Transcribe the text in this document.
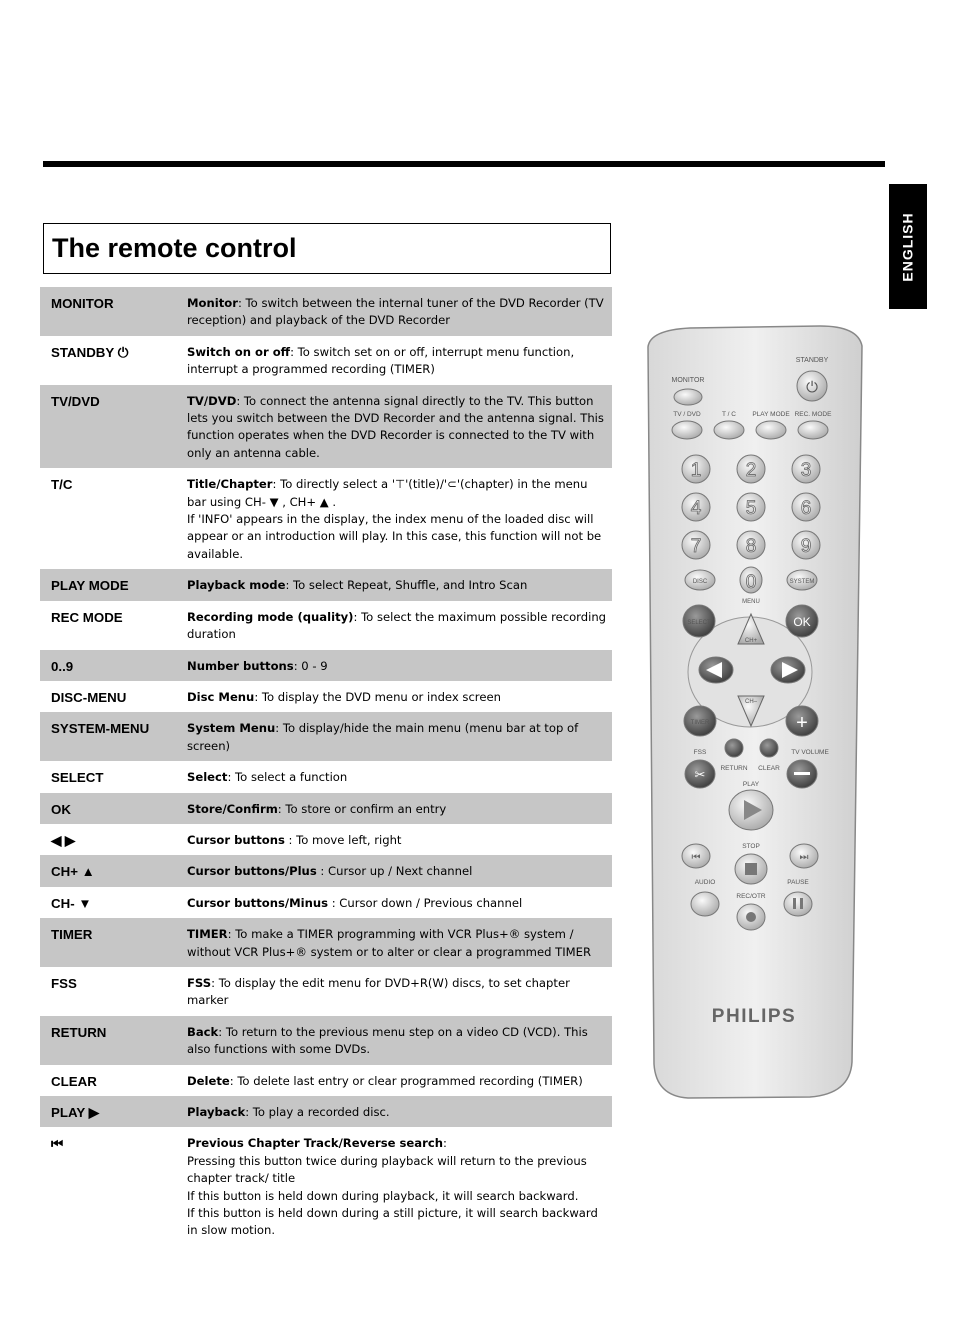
ENGLISH
The remote control
MONITOR	Monitor: To switch between the internal tuner of the DVD Recorder (TV reception) and playback of the DVD Recorder
STANDBY ⏻	Switch on or off: To switch set on or off, interrupt menu function, interrupt a programmed recording (TIMER)
TV/DVD	TV/DVD: To connect the antenna signal directly to the TV. This button lets you switch between the DVD Recorder and the antenna signal. This function operates when the DVD Recorder is connected to the TV with only an antenna cable.
T/C	Title/Chapter: To directly select a '⊤'(title)/'⊂'(chapter) in the menu bar using CH- ▼ , CH+ ▲ .
If 'INFO' appears in the display, the index menu of the loaded disc will appear or an introduction will play. In this case, this function will not be available.
PLAY MODE	Playback mode: To select Repeat, Shuffle, and Intro Scan
REC MODE	Recording mode (quality): To select the maximum possible recording duration
0..9	Number buttons: 0 - 9
DISC-MENU	Disc Menu: To display the DVD menu or index screen
SYSTEM-MENU	System Menu: To display/hide the main menu (menu bar at top of screen)
SELECT	Select: To select a function
OK	Store/Confirm: To store or confirm an entry
◀ ▶	Cursor buttons : To move left, right
CH+ ▲	Cursor buttons/Plus : Cursor up / Next channel
CH- ▼	Cursor buttons/Minus : Cursor down / Previous channel
TIMER	TIMER: To make a TIMER programming with VCR Plus+® system / without VCR Plus+® system or to alter or clear a programmed TIMER
FSS	FSS: To display the edit menu for DVD+R(W) discs, to set chapter marker
RETURN	Back: To return to the previous menu step on a video CD (VCD). This also functions with some DVDs.
CLEAR	Delete: To delete last entry or clear programmed recording (TIMER)
PLAY ▶	Playback: To play a recorded disc.
⏮	Previous Chapter Track/Reverse search:
Pressing this button twice during playback will return to the previous chapter track/ title
If this button is held down during playback, it will search backward.
If this button is held down during a still picture, it will search backward in slow motion.
MONITOR
STANDBY
⏻
TV / DVD	T / C	PLAY MODE REC. MODE
1 2 3
4 5 6
7 8 9
DISC 0	SYSTEM
MENU
SELECT	OK
CH+
CH–
TIMER	+
FSS
RETURN CLEAR
TV VOLUME
✂
PLAY
STOP
⏮	⏭
AUDIO
REC/OTR
PAUSE
PHILIPS
